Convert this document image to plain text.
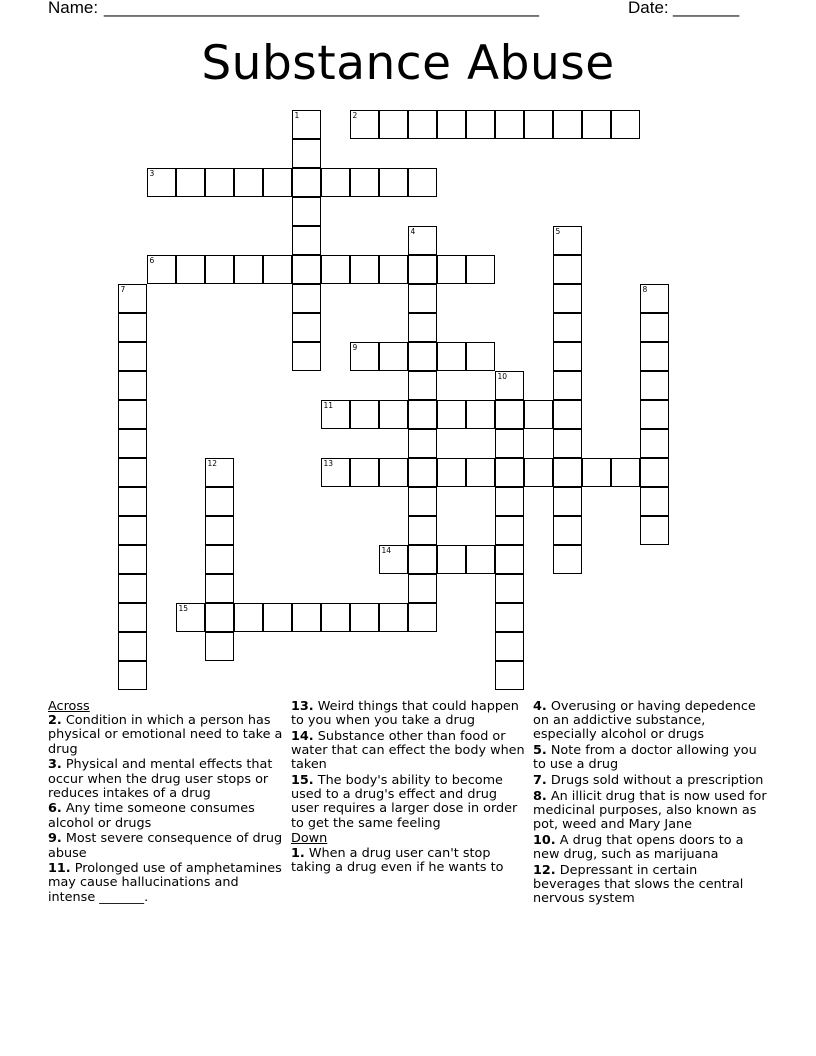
Name: ______________________________________________	Date: _______
Substance Abuse
1	2
3
4	5
6
7	8
9
10
11
12	13
14
15

Across

2. Condition in which a person has physical or emotional need to take a drug

3. Physical and mental effects that occur when the drug user stops or reduces intakes of a drug

6. Any time someone consumes alcohol or drugs

9. Most severe consequence of drug abuse

11. Prolonged use of amphetamines may cause hallucinations and intense _______.

13. Weird things that could happen to you when you take a drug

14. Substance other than food or water that can effect the body when taken

15. The body's ability to become used to a drug's effect and drug user requires a larger dose in order to get the same feeling

Down

1. When a drug user can't stop taking a drug even if he wants to

4. Overusing or having depedence on an addictive substance, especially alcohol or drugs

5. Note from a doctor allowing you to use a drug

7. Drugs sold without a prescription

8. An illicit drug that is now used for medicinal purposes, also known as pot, weed and Mary Jane

10. A drug that opens doors to a new drug, such as marijuana

12. Depressant in certain beverages that slows the central nervous system
